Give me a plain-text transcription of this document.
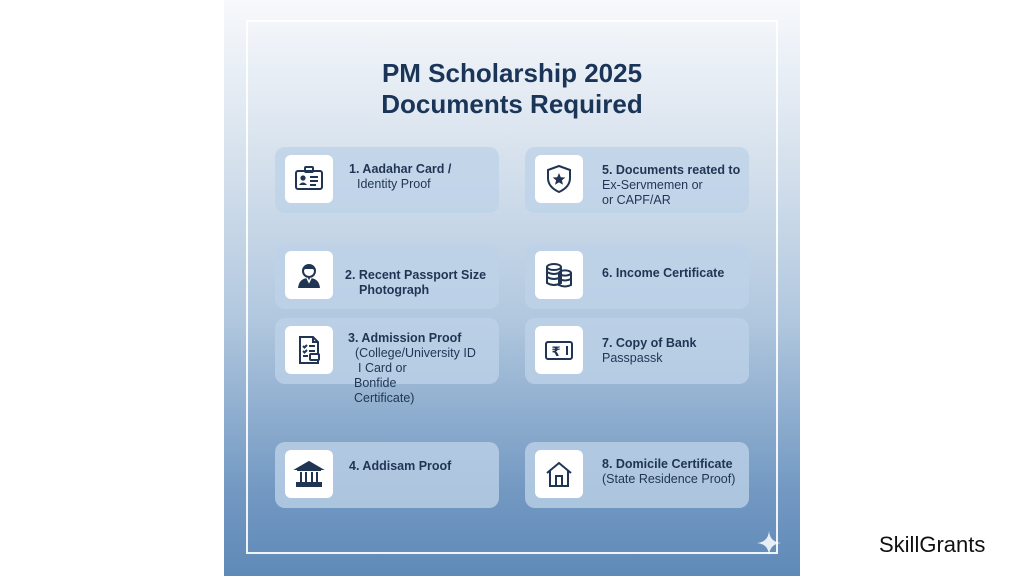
PM Scholarship 2025
Documents Required
1. Aadahar Card /
Identity Proof
2. Recent Passport Size
Photograph
3. Admission Proof
(College/University ID
I Card or
Bonfide
Certificate)
4. Addisam Proof
5. Documents reated to
Ex-Servmemen or
or CAPF/AR
6. Income Certificate
₹
7. Copy of Bank
Passpassk
8. Domicile Certificate
(State Residence Proof)
SkillGrants
